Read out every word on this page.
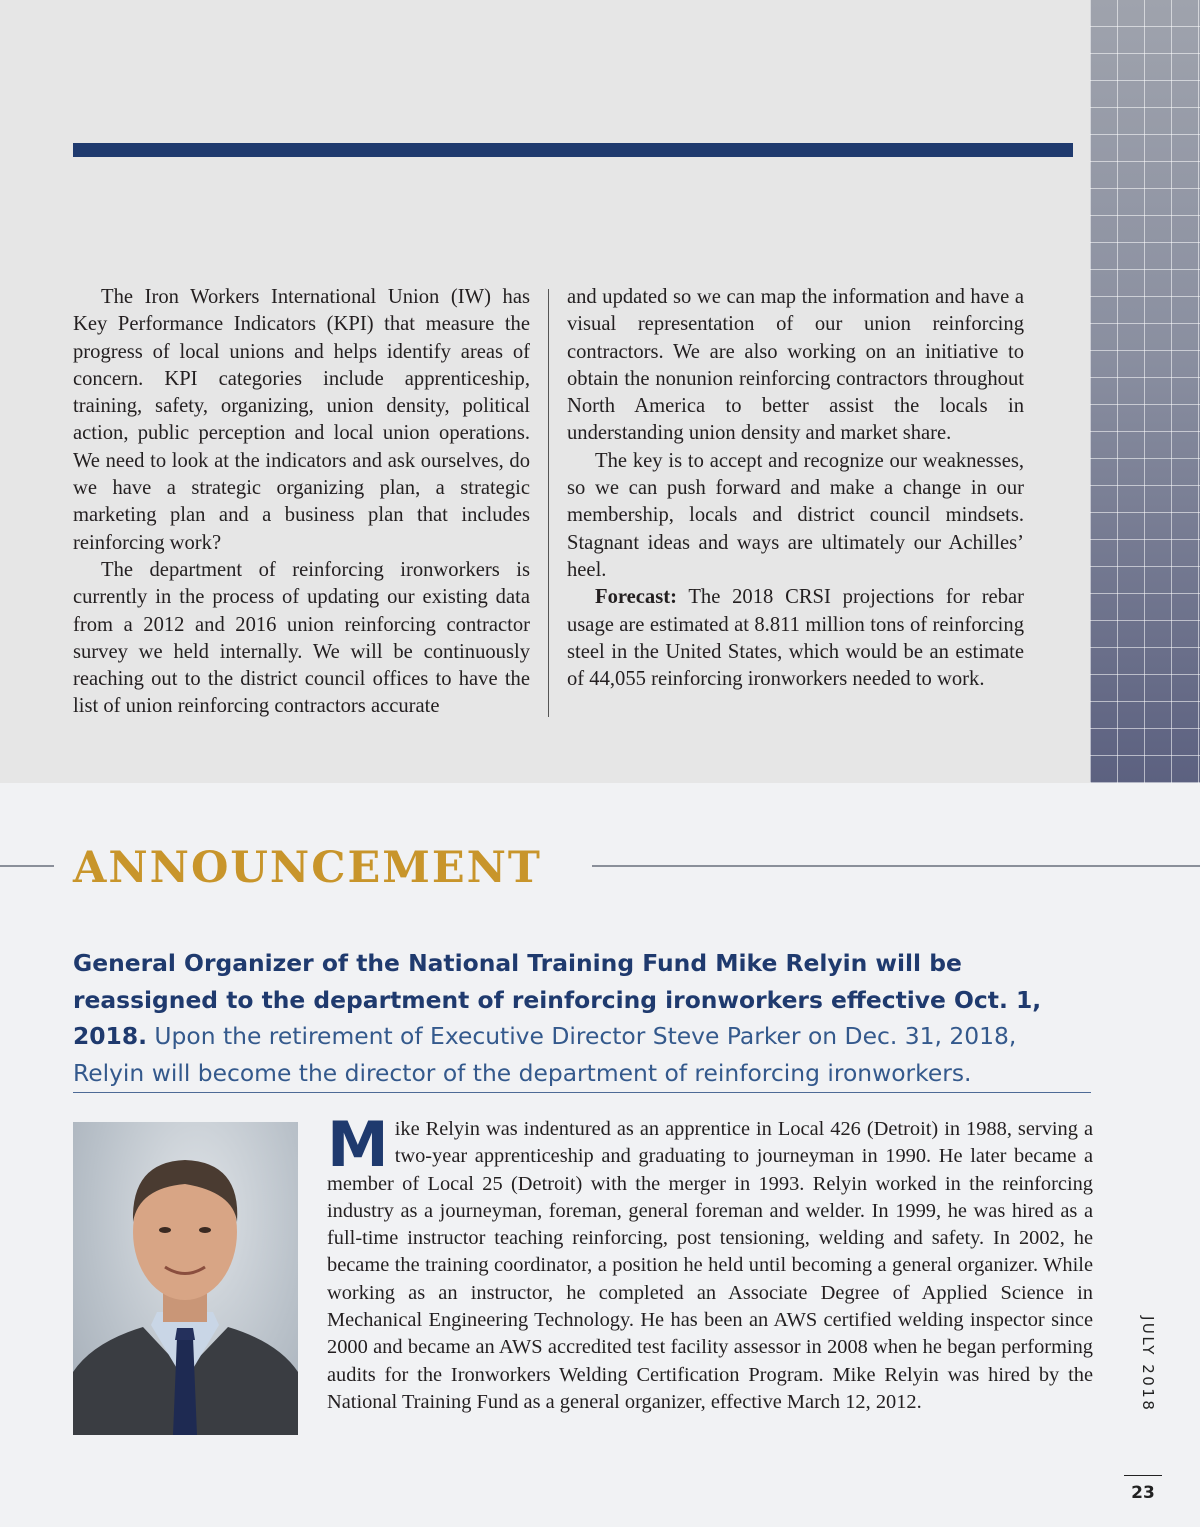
The Iron Workers International Union (IW) has Key Performance Indicators (KPI) that measure the progress of local unions and helps identify areas of concern. KPI categories include apprenticeship, training, safety, organizing, union density, political action, public perception and local union operations. We need to look at the indicators and ask ourselves, do we have a strategic organizing plan, a strategic marketing plan and a business plan that includes reinforcing work?

The department of reinforcing ironworkers is currently in the process of updating our existing data from a 2012 and 2016 union reinforcing contractor survey we held internally. We will be continuously reaching out to the district council offices to have the list of union reinforcing contractors accurate

and updated so we can map the information and have a visual representation of our union reinforcing contractors. We are also working on an initiative to obtain the nonunion reinforcing contractors throughout North America to better assist the locals in understanding union density and market share.

The key is to accept and recognize our weaknesses, so we can push forward and make a change in our membership, locals and district council mindsets. Stagnant ideas and ways are ultimately our Achilles’ heel.

Forecast: The 2018 CRSI projections for rebar usage are estimated at 8.811 million tons of reinforcing steel in the United States, which would be an estimate of 44,055 reinforcing ironworkers needed to work.

ANNOUNCEMENT
General Organizer of the National Training Fund Mike Relyin will be reassigned to the department of reinforcing ironworkers effective Oct. 1, 2018. Upon the retirement of Executive Director Steve Parker on Dec. 31, 2018, Relyin will become the director of the department of reinforcing ironworkers.
Mike Relyin was indentured as an apprentice in Local 426 (Detroit) in 1988, serving a two-year apprenticeship and graduating to journeyman in 1990. He later became a member of Local 25 (Detroit) with the merger in 1993. Relyin worked in the reinforcing industry as a journeyman, foreman, general foreman and welder. In 1999, he was hired as a full-time instructor teaching reinforcing, post tensioning, welding and safety. In 2002, he became the training coordinator, a position he held until becoming a general organizer. While working as an instructor, he completed an Associate Degree of Applied Science in Mechanical Engineering Technology. He has been an AWS certified welding inspector since 2000 and became an AWS accredited test facility assessor in 2008 when he began performing audits for the Ironworkers Welding Certification Program. Mike Relyin was hired by the National Training Fund as a general organizer, effective March 12, 2012.	JULY 2018
23
